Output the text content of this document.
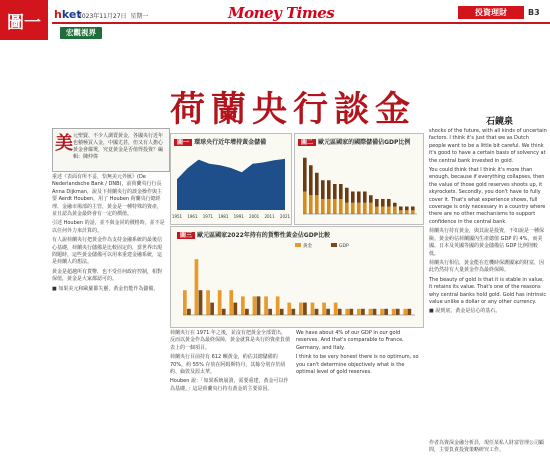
圖一	hket
2023年11月27日 星期一	Money Times	投資理財	B3
宏觀視界
美 元聖賢、不少人調賣黃金，各國央行近年也積極買入金，中國尤甚，但又有人擔心黃金會爆煲，究竟黃金是否值得投資？編輯：陳仲偉
荷蘭央行談金	石鏡泉
圖一 環球央行近年增持黃金儲備
1951 1961 1971 1981 1991 2001 2011 2021
圖二 歐元區國家的國際儲備佔GDP比例
圖三 歐元區國家2022年持有的貨幣性黃金佔GDP比較
黃金	GDP

重述《表面有所不妥，恰無美元外匯》(De Nederlandsche Bank / DNB)，前荷蘭央行行長 Anna Dijkman，說及下荷蘭央行的談金操作與主要 Aerdt Houben，用了 Houben 荷蘭央行總經理、金融市場部的主管，黃金是一種特殊的資產，並且認為黃金最終會有一定的價值。

引述 Houben 的話，並不與金同的價格時，並不是以任何外力來計算的。

有人說荷蘭央行把黃金作為支持金融系統的最後信心基礎，荷蘭央行儲備是比較固定的，當世界出現問題時，這些黃金儲備可以用來重建金融系統，這是荷蘭人的想法。

黃金是超越所有貨幣，也不受任何政府控制，相對保值，黃金是大家都認可的。

■ 如果美元和歐羅都失靈，黃金仍能作為儲備。

荷蘭央行在 1971 年之後，並沒有把黃金全部賣出，反而以黃金作為最終保障，黃金就算是央行的資產負債表上的一個項目。

荷蘭央行目前持有 612 噸黃金，約佔其總儲備的 70%，約 55% 存放在阿姆斯特丹，其餘分別存於紐約、倫敦及渥太華。

Houben 說：「如果系統崩潰，需要重建，黃金可以作為基礎。」這是荷蘭央行持有黃金的主要原因。

We have about 4% of our GDP in our gold reserves. And that's comparable to France, Germany, and Italy.

I think to be very honest there is no optimum, so you can't determine objectively what is the optimal level of gold reserves.

shocks of the future, with all kinds of uncertain factors. I think it's just that we as Dutch people want to be a little bit careful. We think it's good to have a certain basis of solvency at the central bank invested in gold.

You could think that I think it's more than enough, because if everything collapses, then the value of those gold reserves shoots up, it skyrockets. Secondly, you don't have to fully cover it. That's what experience shows, full coverage is only necessary in a country where there are no other mechanisms to support confidence in the central bank.

荷蘭央行持有黃金，與其說是投資，不如說是一種保險。黃金約佔荷蘭國內生產總值 GDP 的 4%，而美國、日本及英國等國的黃金儲備佔 GDP 比例則較低。

荷蘭央行相信，黃金能在危機時保護國家的財富，因此仍然持有大量黃金作為最終保障。

The beauty of gold is that it is stable in value, it retains its value. That's one of the reasons why central banks hold gold. Gold has intrinsic value unlike a dollar or any other currency.

■ 說到底，黃金是信心的基石。

作者為資深金融分析員，現任某私人財富管理公司顧問，主要負責投資策略研究工作。
